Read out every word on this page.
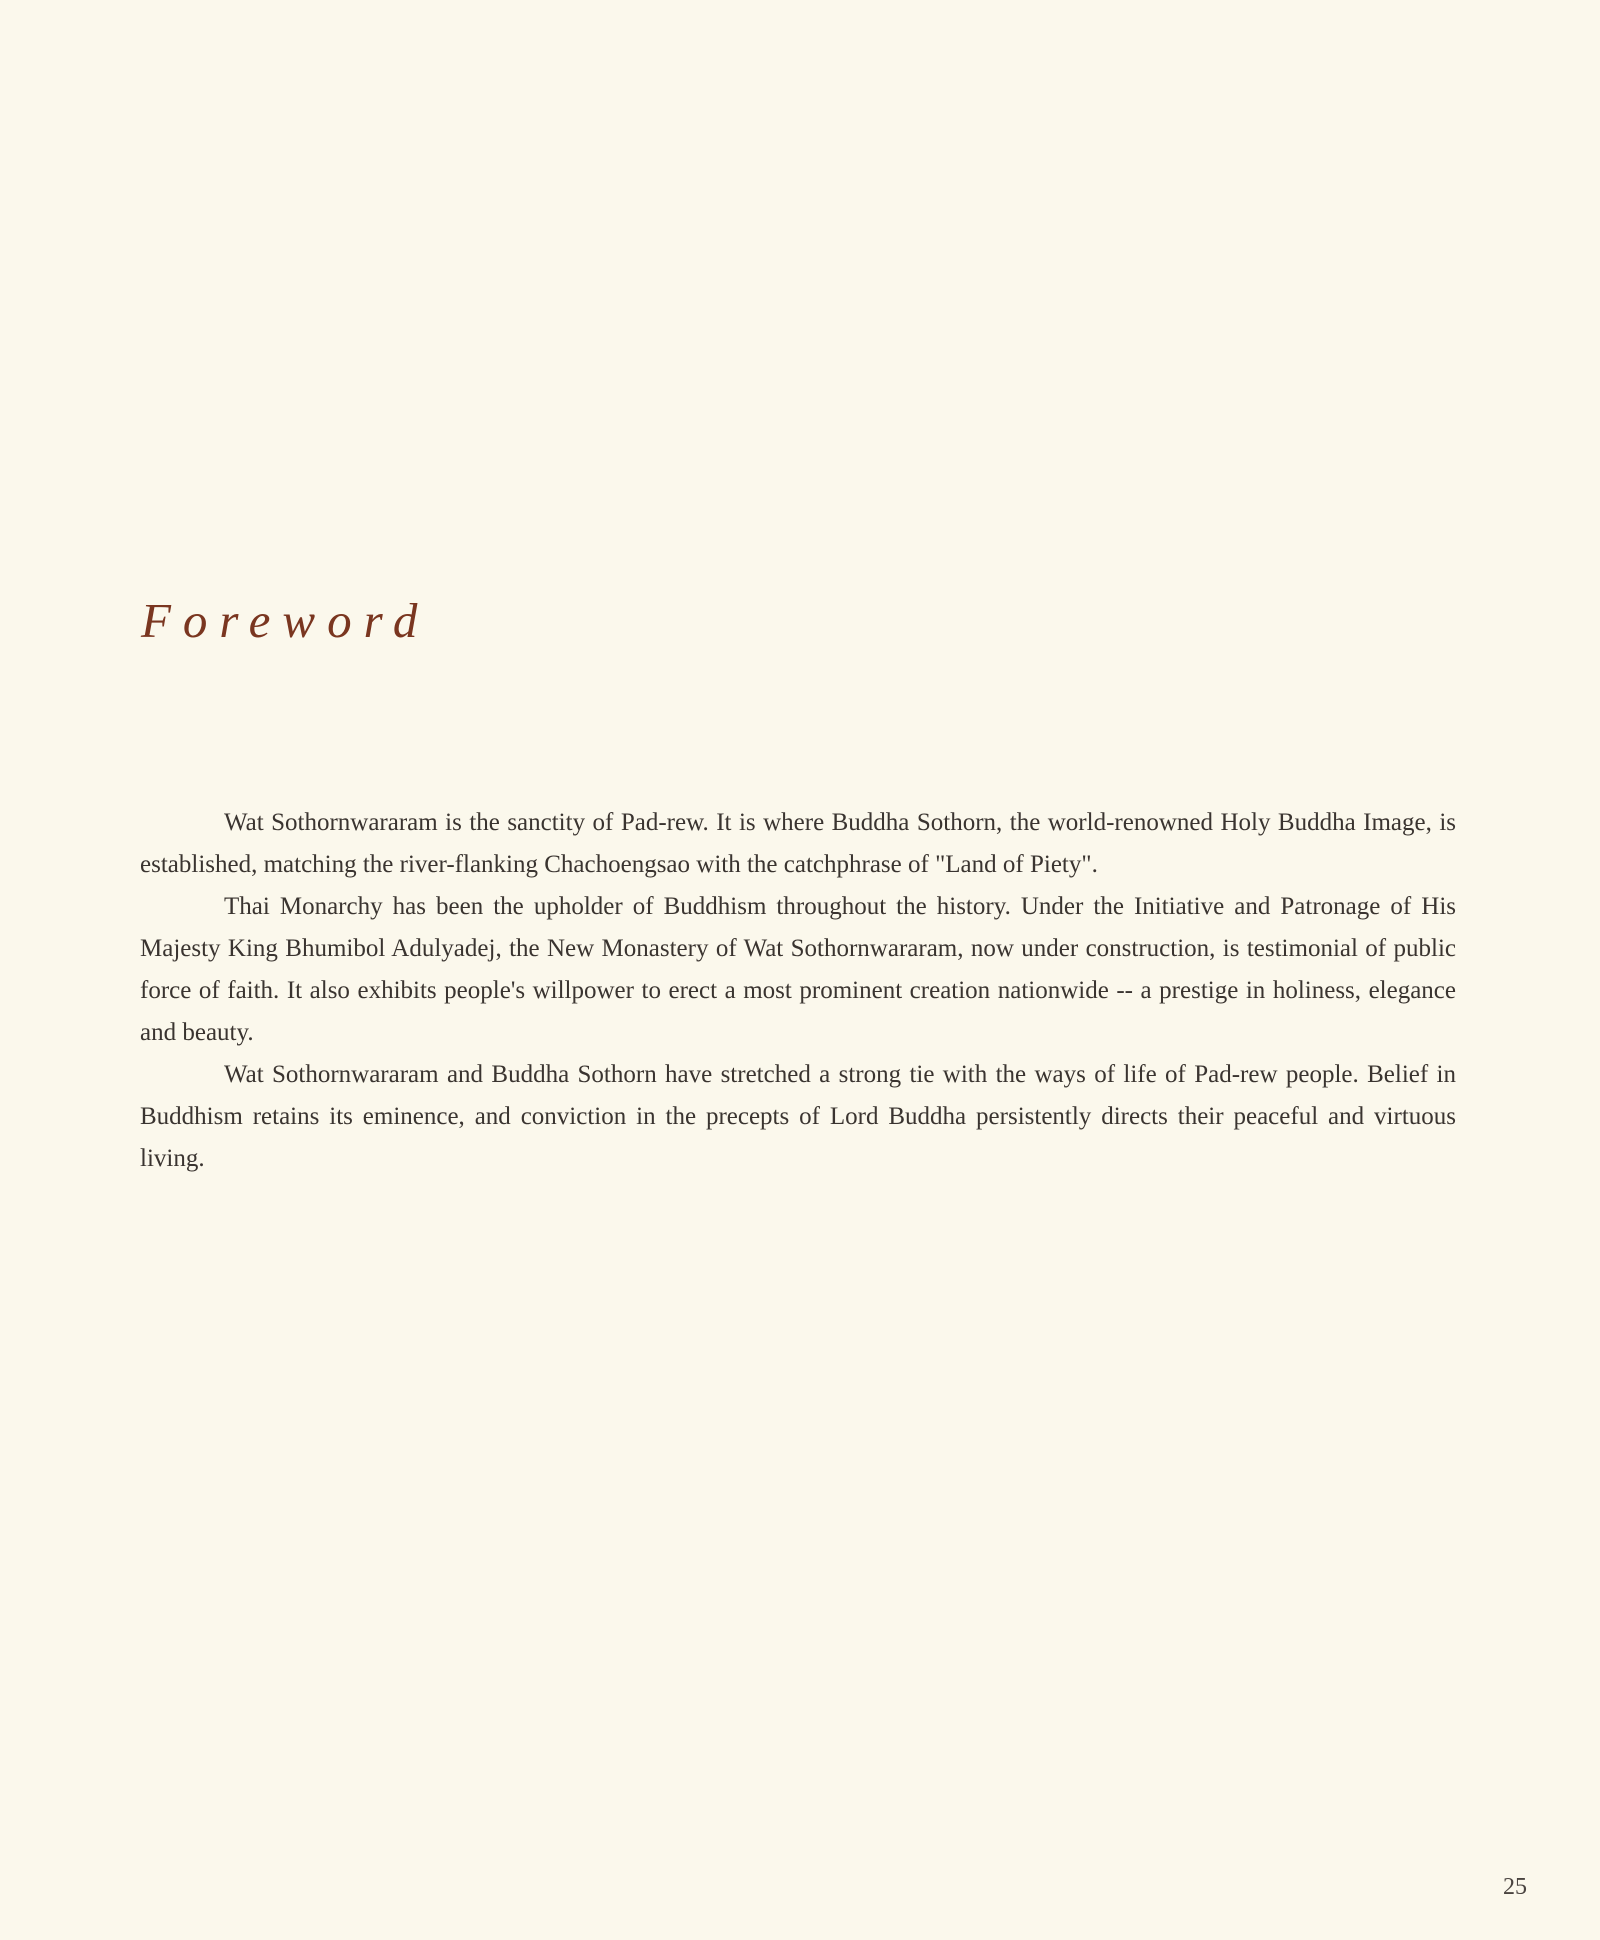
Foreword

Wat Sothornwararam is the sanctity of Pad-rew. It is where Buddha Sothorn, the world-renowned Holy Buddha Image, is established, matching the river-flanking Chachoengsao with the catchphrase of "Land of Piety".

Thai Monarchy has been the upholder of Buddhism throughout the history. Under the Initiative and Patronage of His Majesty King Bhumibol Adulyadej, the New Monastery of Wat Sothornwararam, now under construction, is testimonial of public force of faith. It also exhibits people's willpower to erect a most prominent creation nationwide -- a prestige in holiness, elegance and beauty.

Wat Sothornwararam and Buddha Sothorn have stretched a strong tie with the ways of life of Pad-rew people. Belief in Buddhism retains its eminence, and conviction in the precepts of Lord Buddha persistently directs their peaceful and virtuous living.

25
